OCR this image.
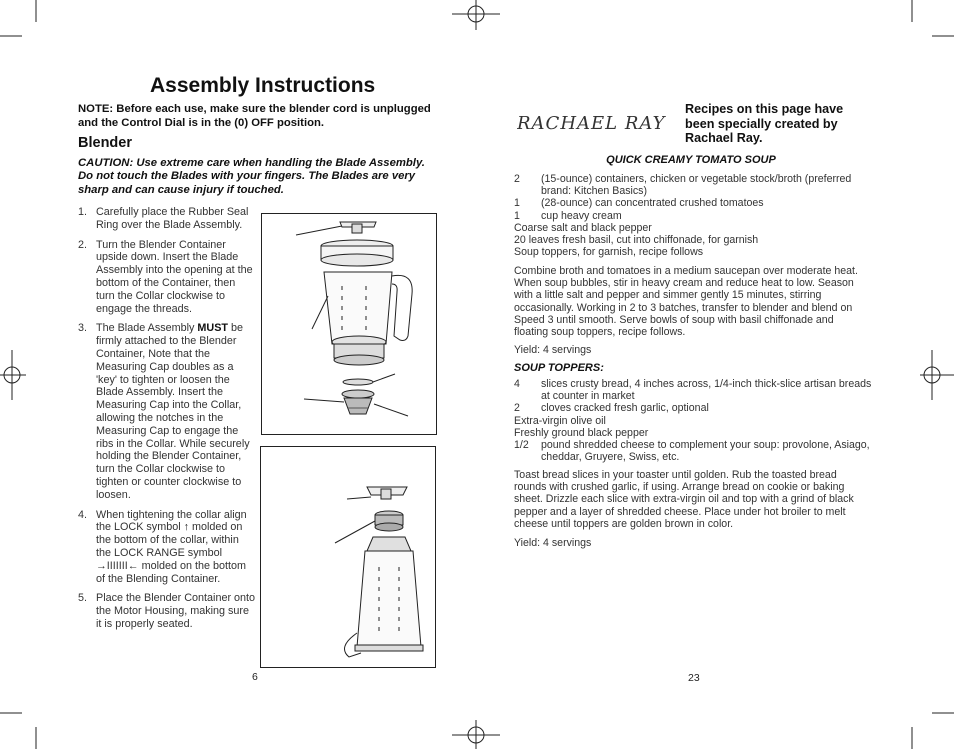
Assembly Instructions
NOTE: Before each use, make sure the blender cord is unplugged and the Control Dial is in the (0) OFF position.
Blender
CAUTION: Use extreme care when handling the Blade Assembly. Do not touch the Blades with your fingers. The Blades are very sharp and can cause injury if touched.
1. Carefully place the Rubber Seal Ring over the Blade Assembly.
2. Turn the Blender Container upside down. Insert the Blade Assembly into the opening at the bottom of the Container, then turn the Collar clockwise to engage the threads.
3. The Blade Assembly MUST be firmly attached to the Blender Container, Note that the Measuring Cap doubles as a 'key' to tighten or loosen the Blade Assembly. Insert the Measuring Cap into the Collar, allowing the notches in the Measuring Cap to engage the ribs in the Collar. While securely holding the Blender Container, turn the Collar clockwise to tighten or counter clockwise to loosen.
4. When tightening the collar align the LOCK symbol ↑ molded on the bottom of the collar, within the LOCK RANGE symbol →IIIIIII← molded on the bottom of the Blending Container.
5. Place the Blender Container onto the Motor Housing, making sure it is properly seated.
6
RACHAEL RAY
Recipes on this page have been specially created by Rachael Ray.
QUICK CREAMY TOMATO SOUP
2	(15-ounce) containers, chicken or vegetable stock/broth (preferred brand: Kitchen Basics)
1	(28-ounce) can concentrated crushed tomatoes
1	cup heavy cream
Coarse salt and black pepper
20 leaves fresh basil, cut into chiffonade, for garnish
Soup toppers, for garnish, recipe follows
Combine broth and tomatoes in a medium saucepan over moderate heat. When soup bubbles, stir in heavy cream and reduce heat to low. Season with a little salt and pepper and simmer gently 15 minutes, stirring occasionally. Working in 2 to 3 batches, transfer to blender and blend on Speed 3 until smooth. Serve bowls of soup with basil chiffonade and floating soup toppers, recipe follows.
Yield: 4 servings
SOUP TOPPERS:
4	slices crusty bread, 4 inches across, 1/4-inch thick-slice artisan breads at counter in market
2	cloves cracked fresh garlic, optional
Extra-virgin olive oil
Freshly ground black pepper
1/2	pound shredded cheese to complement your soup: provolone, Asiago, cheddar, Gruyere, Swiss, etc.
Toast bread slices in your toaster until golden. Rub the toasted bread rounds with crushed garlic, if using. Arrange bread on cookie or baking sheet. Drizzle each slice with extra-virgin oil and top with a grind of black pepper and a layer of shredded cheese. Place under hot broiler to melt cheese until toppers are golden brown in color.
Yield: 4 servings
23
